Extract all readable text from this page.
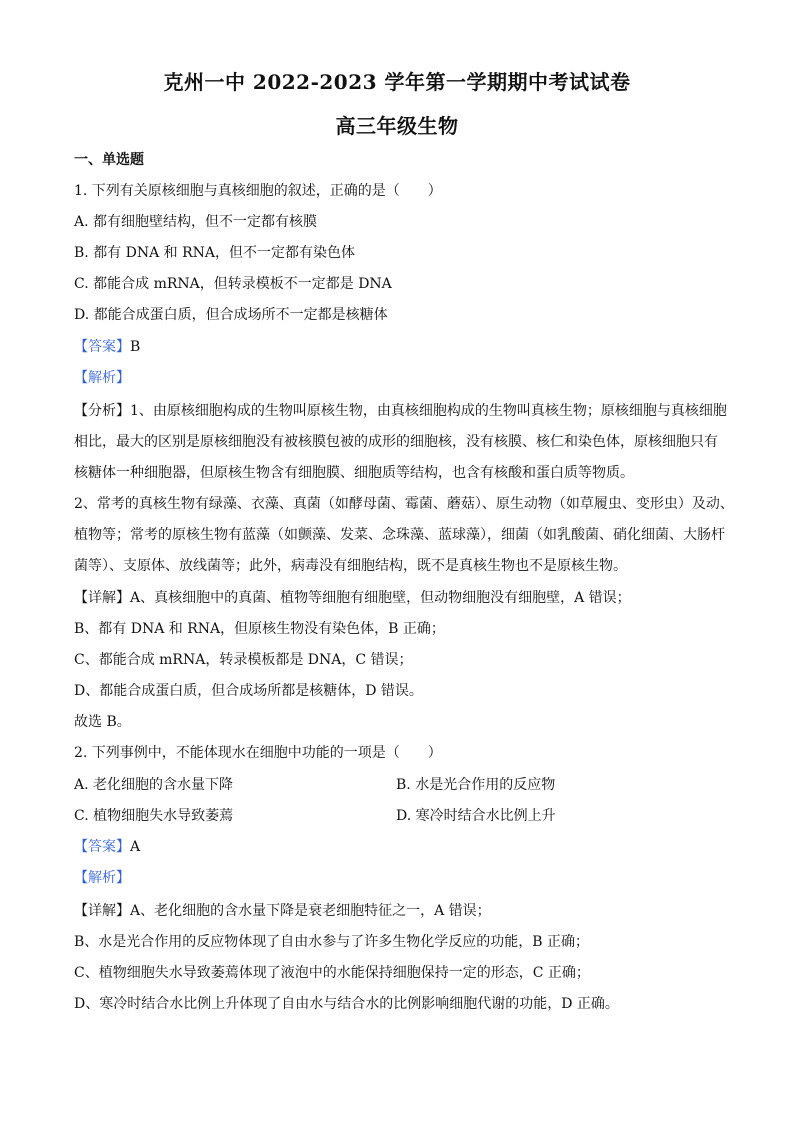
克州一中 2022-2023 学年第一学期期中考试试卷
高三年级生物
一、单选题
1. 下列有关原核细胞与真核细胞的叙述，正确的是（　　）
A. 都有细胞壁结构，但不一定都有核膜
B. 都有 DNA 和 RNA，但不一定都有染色体
C. 都能合成 mRNA，但转录模板不一定都是 DNA
D. 都能合成蛋白质，但合成场所不一定都是核糖体
【答案】B
【解析】
【分析】1、由原核细胞构成的生物叫原核生物，由真核细胞构成的生物叫真核生物；原核细胞与真核细胞
相比，最大的区别是原核细胞没有被核膜包被的成形的细胞核，没有核膜、核仁和染色体，原核细胞只有
核糖体一种细胞器，但原核生物含有细胞膜、细胞质等结构，也含有核酸和蛋白质等物质。
2、常考的真核生物有绿藻、衣藻、真菌（如酵母菌、霉菌、蘑菇）、原生动物（如草履虫、变形虫）及动、
植物等；常考的原核生物有蓝藻（如颤藻、发菜、念珠藻、蓝球藻），细菌（如乳酸菌、硝化细菌、大肠杆
菌等）、支原体、放线菌等；此外，病毒没有细胞结构，既不是真核生物也不是原核生物。
【详解】A、真核细胞中的真菌、植物等细胞有细胞壁，但动物细胞没有细胞壁，A 错误；
B、都有 DNA 和 RNA，但原核生物没有染色体，B 正确；
C、都能合成 mRNA，转录模板都是 DNA，C 错误；
D、都能合成蛋白质，但合成场所都是核糖体，D 错误。
故选 B。
2. 下列事例中，不能体现水在细胞中功能的一项是（　　）
A. 老化细胞的含水量下降	B. 水是光合作用的反应物
C. 植物细胞失水导致萎蔫	D. 寒冷时结合水比例上升
【答案】A
【解析】
【详解】A、老化细胞的含水量下降是衰老细胞特征之一，A 错误；
B、水是光合作用的反应物体现了自由水参与了许多生物化学反应的功能，B 正确；
C、植物细胞失水导致萎蔫体现了液泡中的水能保持细胞保持一定的形态，C 正确；
D、寒冷时结合水比例上升体现了自由水与结合水的比例影响细胞代谢的功能，D 正确。
